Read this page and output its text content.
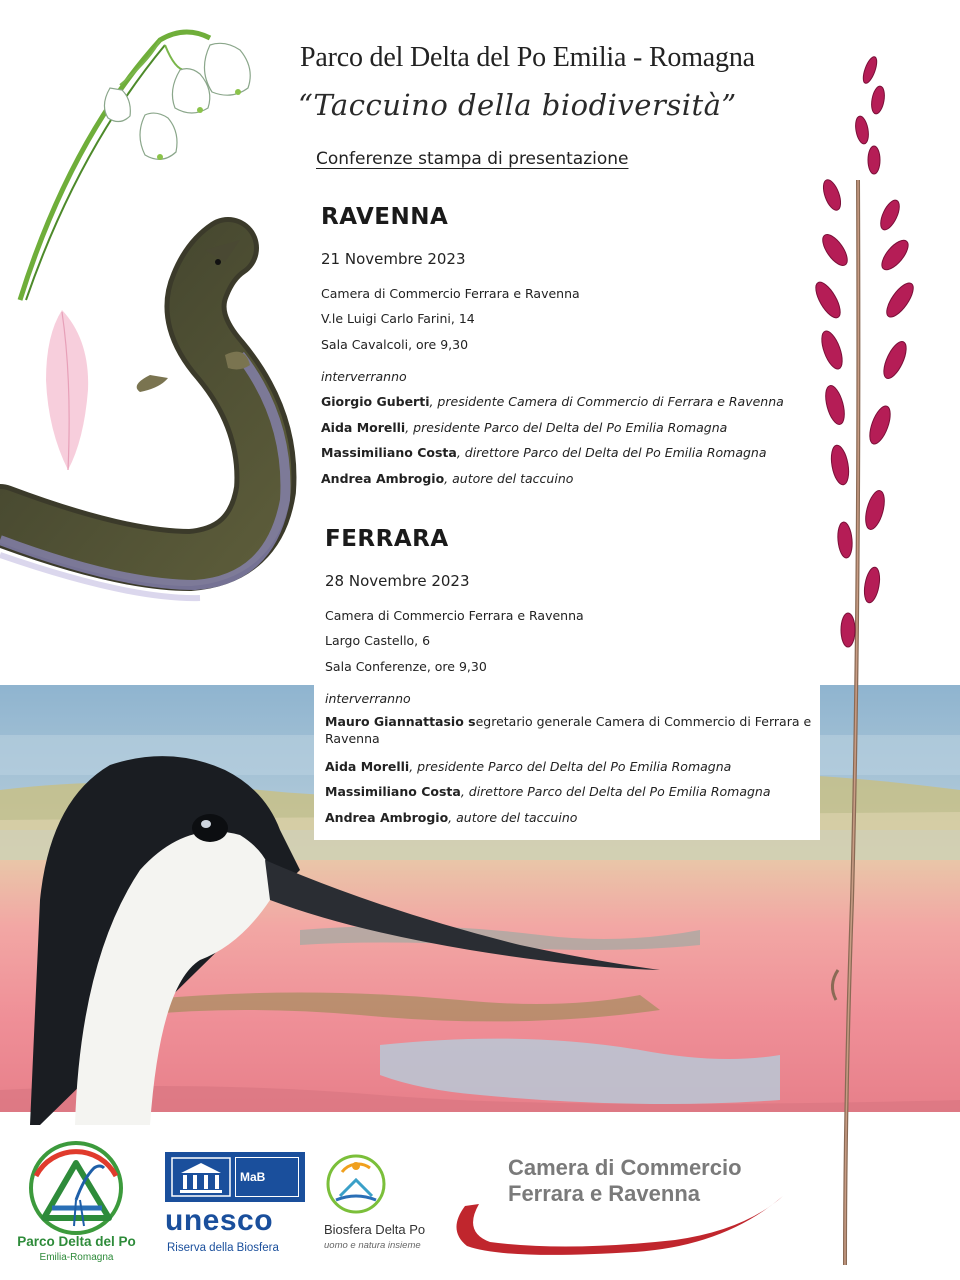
Parco del Delta del Po Emilia - Romagna
“Taccuino della biodiversità”
Conferenze stampa di presentazione
RAVENNA
21 Novembre 2023
Camera di Commercio Ferrara e Ravenna
V.le Luigi Carlo Farini, 14
Sala Cavalcoli, ore 9,30
interverranno
Giorgio Guberti, presidente Camera di Commercio di Ferrara e Ravenna
Aida Morelli, presidente Parco del Delta del Po Emilia Romagna
Massimiliano Costa, direttore Parco del Delta del Po Emilia Romagna
Andrea Ambrogio, autore del taccuino
FERRARA
28 Novembre 2023
Camera di Commercio Ferrara e Ravenna
Largo Castello, 6
Sala Conferenze, ore 9,30
interverranno
Mauro Giannattasio segretario generale Camera di Commercio di Ferrara e Ravenna
Aida Morelli, presidente Parco del Delta del Po Emilia Romagna
Massimiliano Costa, direttore Parco del Delta del Po Emilia Romagna
Andrea Ambrogio, autore del taccuino
Parco Delta del Po
Emilia-Romagna
MaB
unesco
Riserva della Biosfera
Biosfera Delta Po
uomo e natura insieme
Camera di Commercio
Ferrara e Ravenna
